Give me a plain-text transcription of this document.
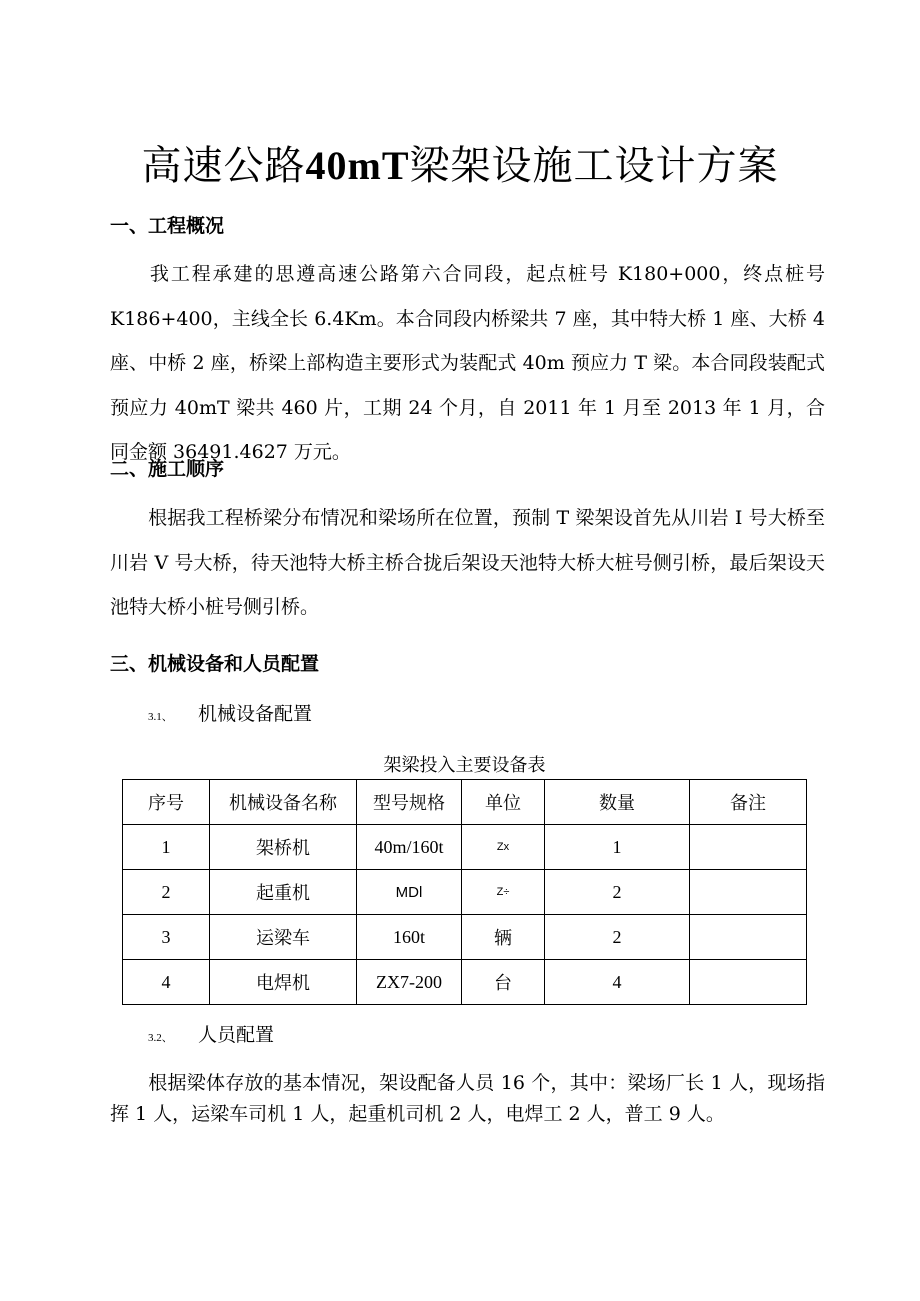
高速公路40mT梁架设施工设计方案
一、工程概况
我工程承建的思遵高速公路第六合同段，起点桩号 K180+000，终点桩号 K186+400，主线全长 6.4Km。本合同段内桥梁共 7 座，其中特大桥 1 座、大桥 4 座、中桥 2 座，桥梁上部构造主要形式为装配式 40m 预应力 T 梁。本合同段装配式预应力 40mT 梁共 460 片，工期 24 个月，自 2011 年 1 月至 2013 年 1 月，合同金额 36491.4627 万元。
二、施工顺序
根据我工程桥梁分布情况和梁场所在位置，预制 T 梁架设首先从川岩 I 号大桥至川岩 V 号大桥，待天池特大桥主桥合拢后架设天池特大桥大桩号侧引桥，最后架设天池特大桥小桩号侧引桥。
三、机械设备和人员配置
3.1、 机械设备配置
架梁投入主要设备表
序号	机械设备名称	型号规格	单位	数量	备注
1	架桥机	40m/160t	Zx	1	
2	起重机	MDl	Z÷	2	
3	运梁车	160t	辆	2	
4	电焊机	ZX7-200	台	4	
3.2、 人员配置
根据梁体存放的基本情况，架设配备人员 16 个，其中：梁场厂长 1 人，现场指挥 1 人，运梁车司机 1 人，起重机司机 2 人，电焊工 2 人，普工 9 人。
